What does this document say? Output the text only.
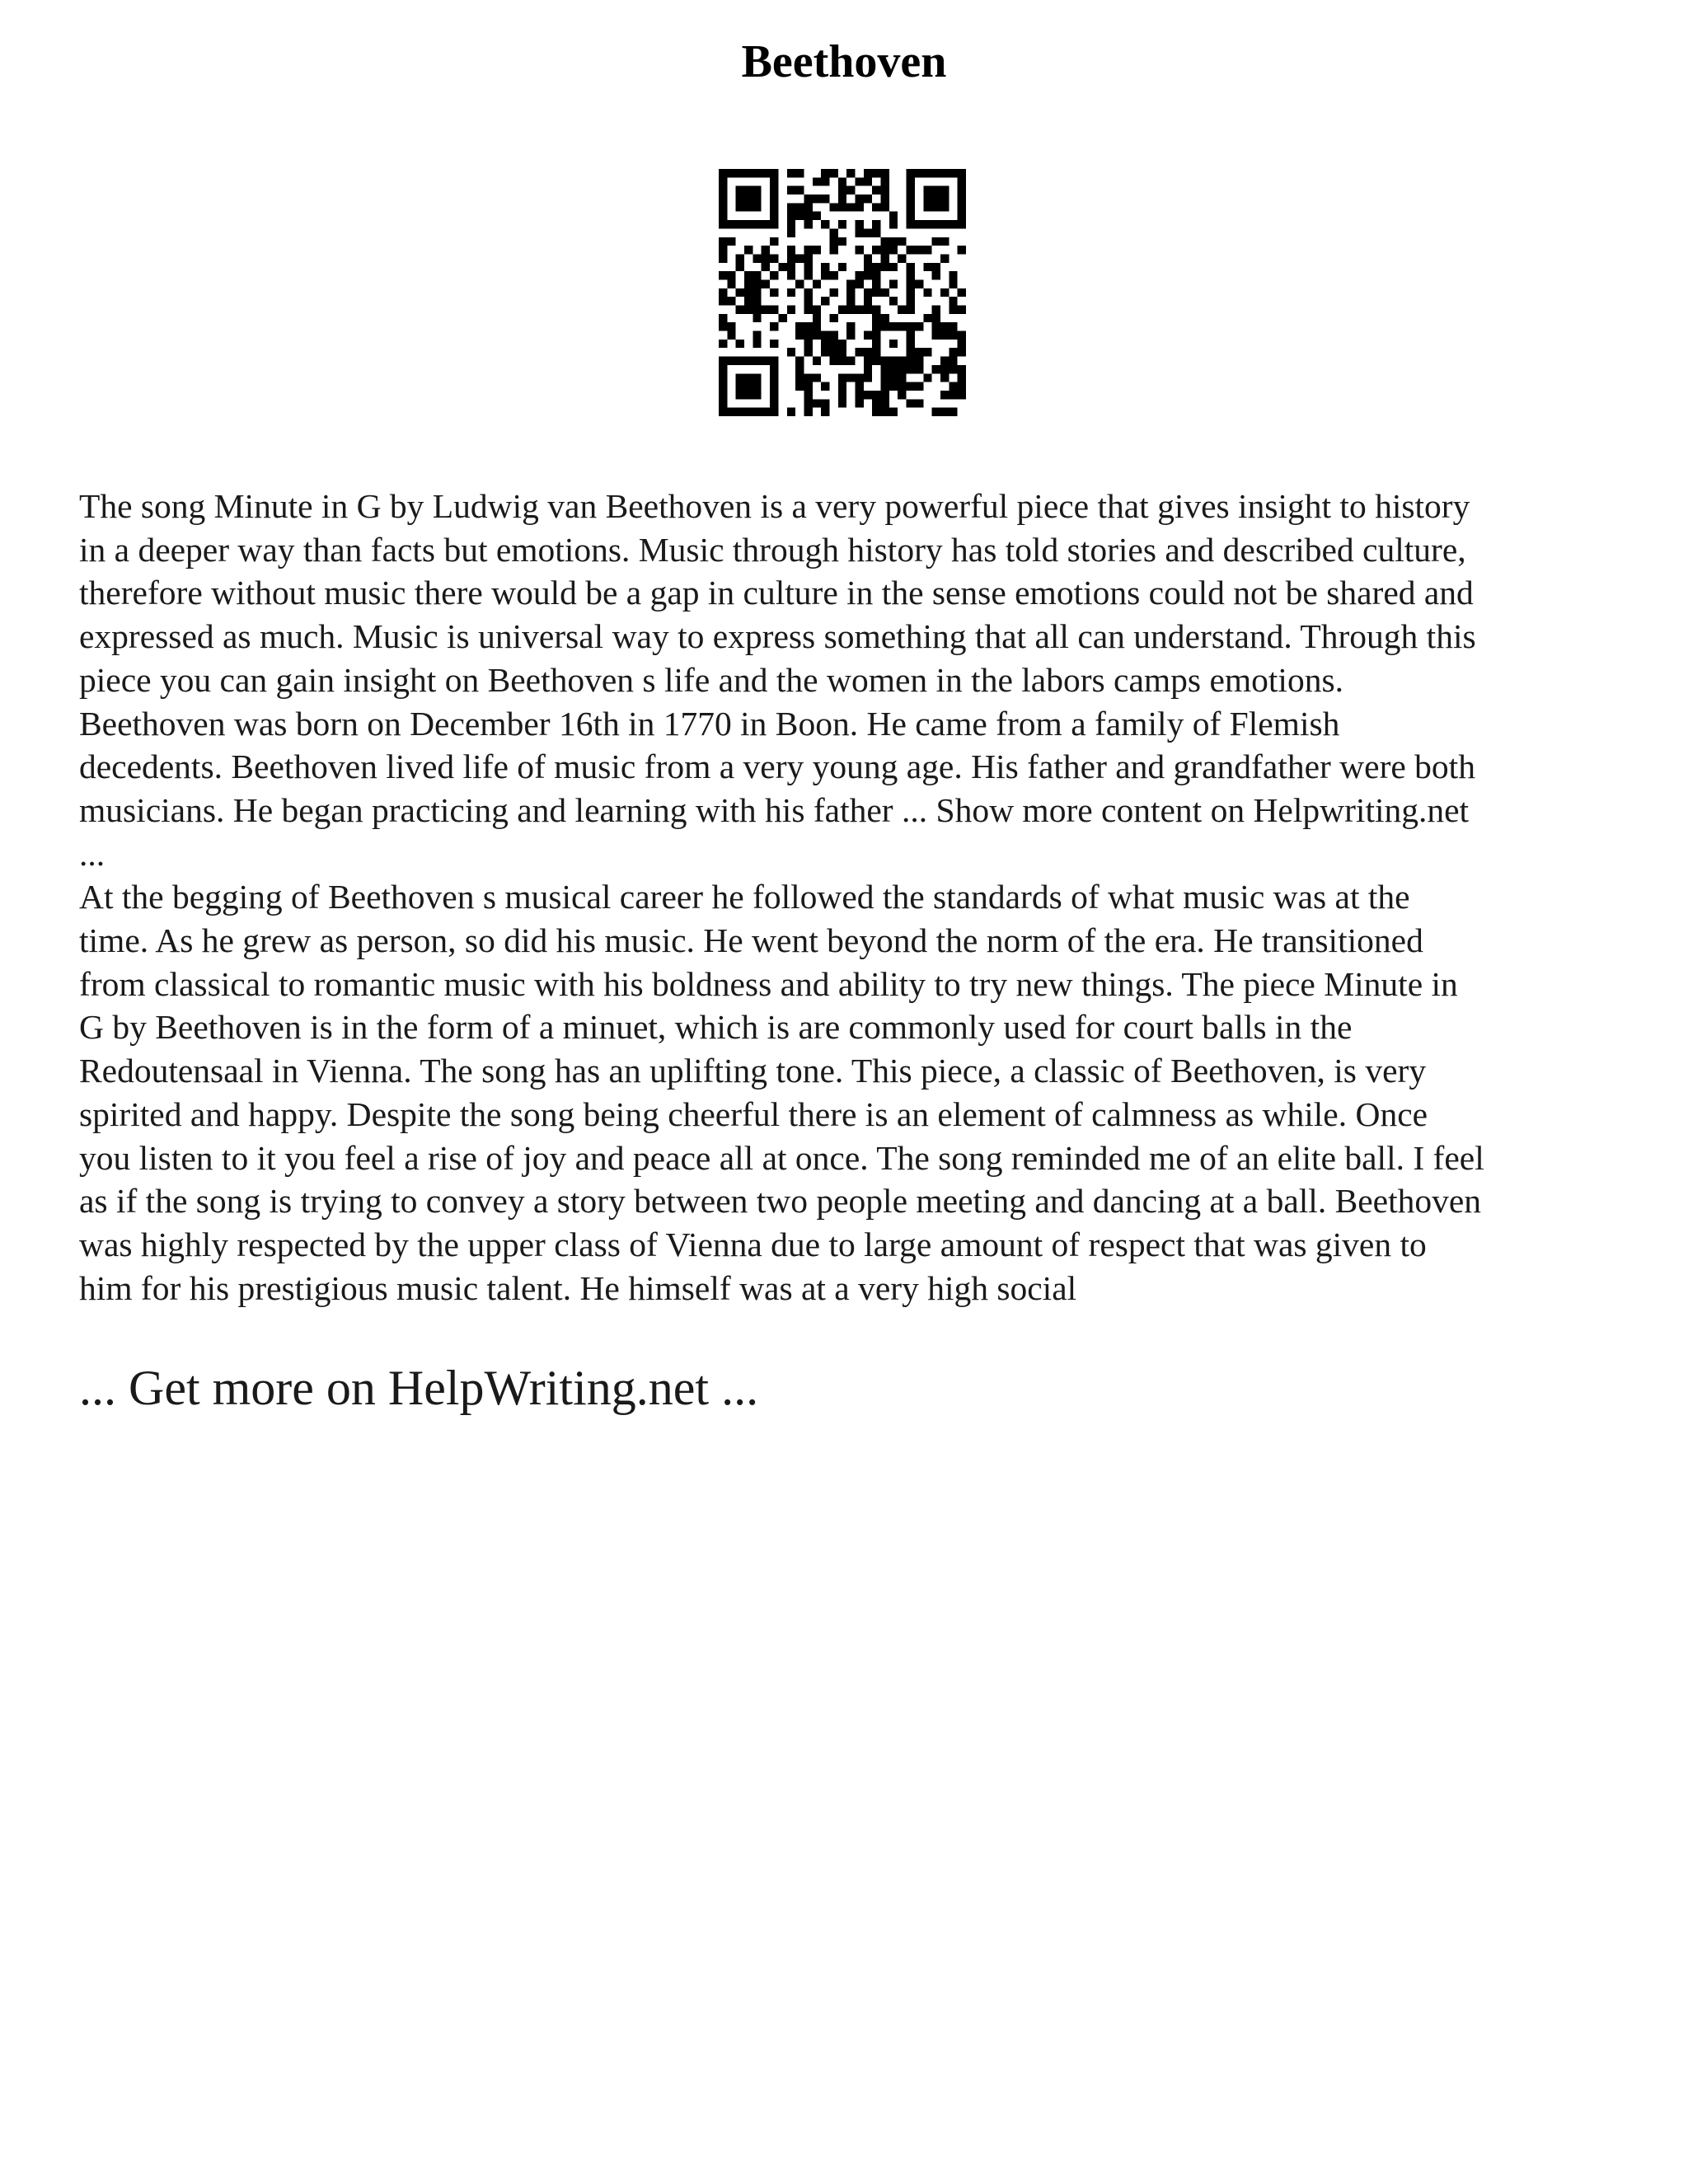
Beethoven

The song Minute in G by Ludwig van Beethoven is a very powerful piece that gives insight to history
in a deeper way than facts but emotions. Music through history has told stories and described culture,
therefore without music there would be a gap in culture in the sense emotions could not be shared and
expressed as much. Music is universal way to express something that all can understand. Through this
piece you can gain insight on Beethoven s life and the women in the labors camps emotions.
Beethoven was born on December 16th in 1770 in Boon. He came from a family of Flemish
decedents. Beethoven lived life of music from a very young age. His father and grandfather were both
musicians. He began practicing and learning with his father ... Show more content on Helpwriting.net
...

At the begging of Beethoven s musical career he followed the standards of what music was at the
time. As he grew as person, so did his music. He went beyond the norm of the era. He transitioned
from classical to romantic music with his boldness and ability to try new things. The piece Minute in
G by Beethoven is in the form of a minuet, which is are commonly used for court balls in the
Redoutensaal in Vienna. The song has an uplifting tone. This piece, a classic of Beethoven, is very
spirited and happy. Despite the song being cheerful there is an element of calmness as while. Once
you listen to it you feel a rise of joy and peace all at once. The song reminded me of an elite ball. I feel
as if the song is trying to convey a story between two people meeting and dancing at a ball. Beethoven
was highly respected by the upper class of Vienna due to large amount of respect that was given to
him for his prestigious music talent. He himself was at a very high social

... Get more on HelpWriting.net ...
